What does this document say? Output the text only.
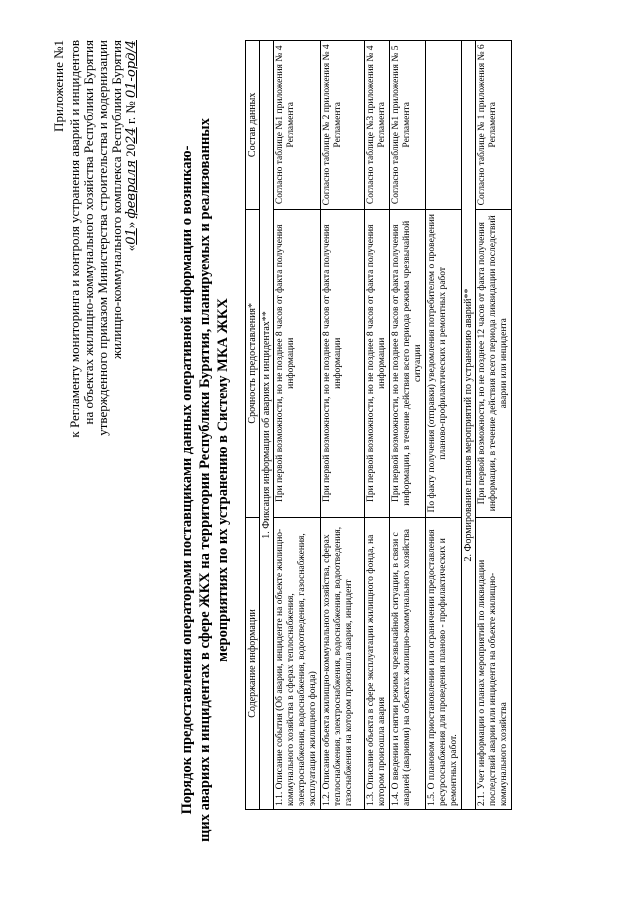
Приложение №1 к Регламенту мониторинга и контроля устранения аварий и инцидентов на объектах жилищно-коммунального хозяйства Республики Бурятия утвержденного приказом Министерства строительства и модернизации жилищно-коммунального комплекса Республики Бурятия «01» февраля 2024 г. № 01-орд/4
Порядок предоставления операторами поставщиками данных оперативной информации о возникаю- щих авариях и инцидентах в сфере ЖКХ на территории Республики Бурятия, планируемых и реализованных мероприятиях по их устранению в Систему МКА ЖКХ
Содержание информации	Срочность предоставления*	Состав данных
1. Фиксация информации об авариях и инцидентах**		
1.1. Описание события (Об аварии, инциденте на объекте жилищно-коммунального хозяйства в сферах теплоснабжения, электроснабжения, водоснабжения, водоотведения, газоснабжения, эксплуатации жилищного фонда)	При первой возможности, но не позднее 8 часов от факта получения информации	Согласно таблице №1 приложения № 4 Регламента
1.2. Описание объекта жилищно-коммунального хозяйства, сферах теплоснабжения, электроснабжения, водоснабжения, водоотведения, газоснабжения на котором произошла авария, инцидент	При первой возможности, но не позднее 8 часов от факта получения информации	Согласно таблице № 2 приложения № 4 Регламента
1.3. Описание объекта в сфере эксплуатации жилищного фонда, на котором произошла авария	При первой возможности, но не позднее 8 часов от факта получения информации	Согласно таблице №3 приложения № 4 Регламента
1.4. О введении и снятии режима чрезвычайной ситуации, в связи с аварией (авариями) на объектах жилищно-коммунального хозяйства	При первой возможности, но не позднее 8 часов от факта получения информации, в течение действия всего периода режима чрезвычайной ситуации	Согласно таблице №1 приложения № 5 Регламента
1.5. О плановом приостановлении или ограничении предоставления ресурсоснабжения для проведения планово - профилактических и ремонтных работ.	По факту получения (отправки) уведомления потребителем о проведении планово-профилактических и ремонтных работ	
2. Формирование планов мероприятий по устранению аварий**		
2.1. Учет информации о планах мероприятий по ликвидации последствий аварии или инцидента на объекте жилищно-коммунального хозяйства	При первой возможности, но не позднее 12 часов от факта получения информации, в течение действия всего периода ликвидации последствий аварии или инцидента	Согласно таблице № 1 приложения № 6 Регламента
